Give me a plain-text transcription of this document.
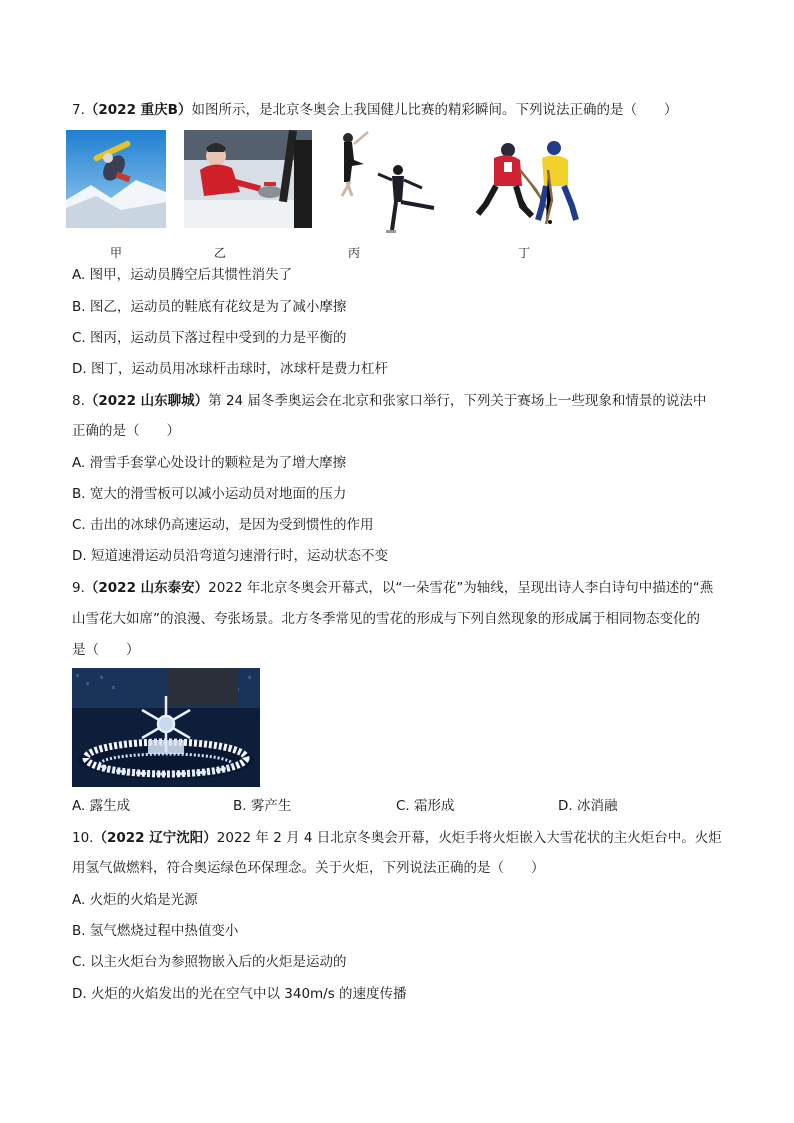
7.（2022 重庆B）如图所示，是北京冬奥会上我国健儿比赛的精彩瞬间。下列说法正确的是（　　）
甲	乙	丙	丁
A. 图甲，运动员腾空后其惯性消失了
B. 图乙，运动员的鞋底有花纹是为了减小摩擦
C. 图丙，运动员下落过程中受到的力是平衡的
D. 图丁，运动员用冰球杆击球时，冰球杆是费力杠杆
8.（2022 山东聊城）第 24 届冬季奥运会在北京和张家口举行，下列关于赛场上一些现象和情景的说法中
正确的是（　　）
A. 滑雪手套掌心处设计的颗粒是为了增大摩擦
B. 宽大的滑雪板可以减小运动员对地面的压力
C. 击出的冰球仍高速运动，是因为受到惯性的作用
D. 短道速滑运动员沿弯道匀速滑行时，运动状态不变
9.（2022 山东泰安）2022 年北京冬奥会开幕式，以“一朵雪花”为轴线，呈现出诗人李白诗句中描述的“燕
山雪花大如席”的浪漫、夸张场景。北方冬季常见的雪花的形成与下列自然现象的形成属于相同物态变化的
是（　　）
A. 露生成	B. 雾产生	C. 霜形成	D. 冰消融
10.（2022 辽宁沈阳）2022 年 2 月 4 日北京冬奥会开幕，火炬手将火炬嵌入大雪花状的主火炬台中。火炬
用氢气做燃料，符合奥运绿色环保理念。关于火炬，下列说法正确的是（　　）
A. 火炬的火焰是光源
B. 氢气燃烧过程中热值变小
C. 以主火炬台为参照物嵌入后的火炬是运动的
D. 火炬的火焰发出的光在空气中以 340m/s 的速度传播
